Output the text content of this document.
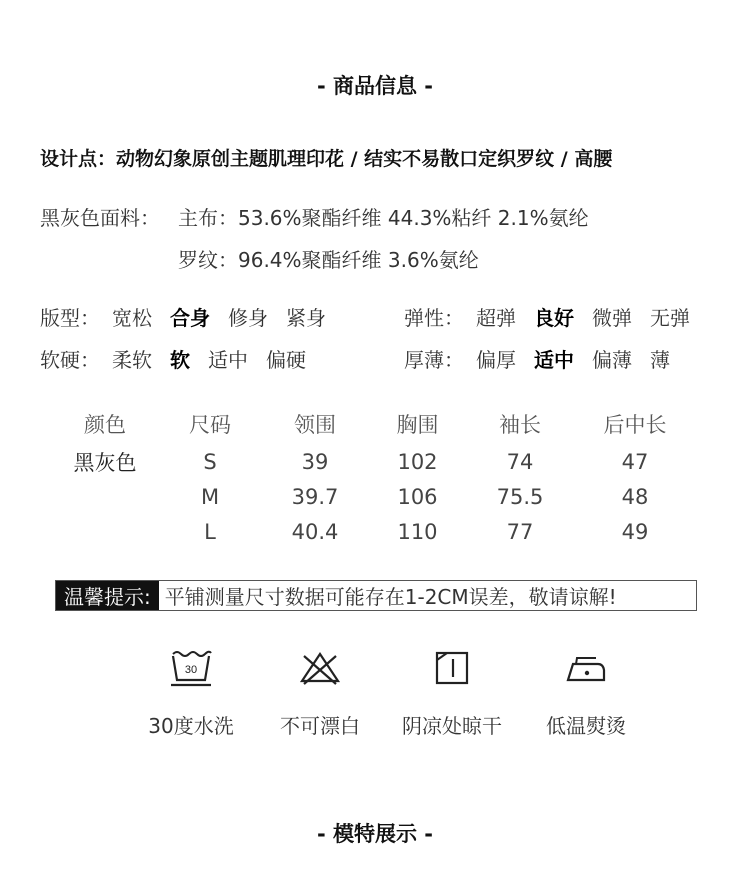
- 商品信息 -
设计点：动物幻象原创主题肌理印花 / 结实不易散口定织罗纹 / 高腰
黑灰色面料： 主布：53.6%聚酯纤维 44.3%粘纤 2.1%氨纶
罗纹：96.4%聚酯纤维 3.6%氨纶
版型： 宽松 合身 修身 紧身	弹性： 超弹 良好 微弹 无弹
软硬： 柔软 软 适中 偏硬	厚薄： 偏厚 适中 偏薄 薄
颜色	尺码	领围	胸围	袖长	后中长
黑灰色	S	39	102	74	47
	M	39.7	106	75.5	48
	L	40.4	110	77	49
温馨提示: 平铺测量尺寸数据可能存在1-2CM误差，敬请谅解!
30
30度水洗	不可漂白	阴凉处晾干	低温熨烫
- 模特展示 -
